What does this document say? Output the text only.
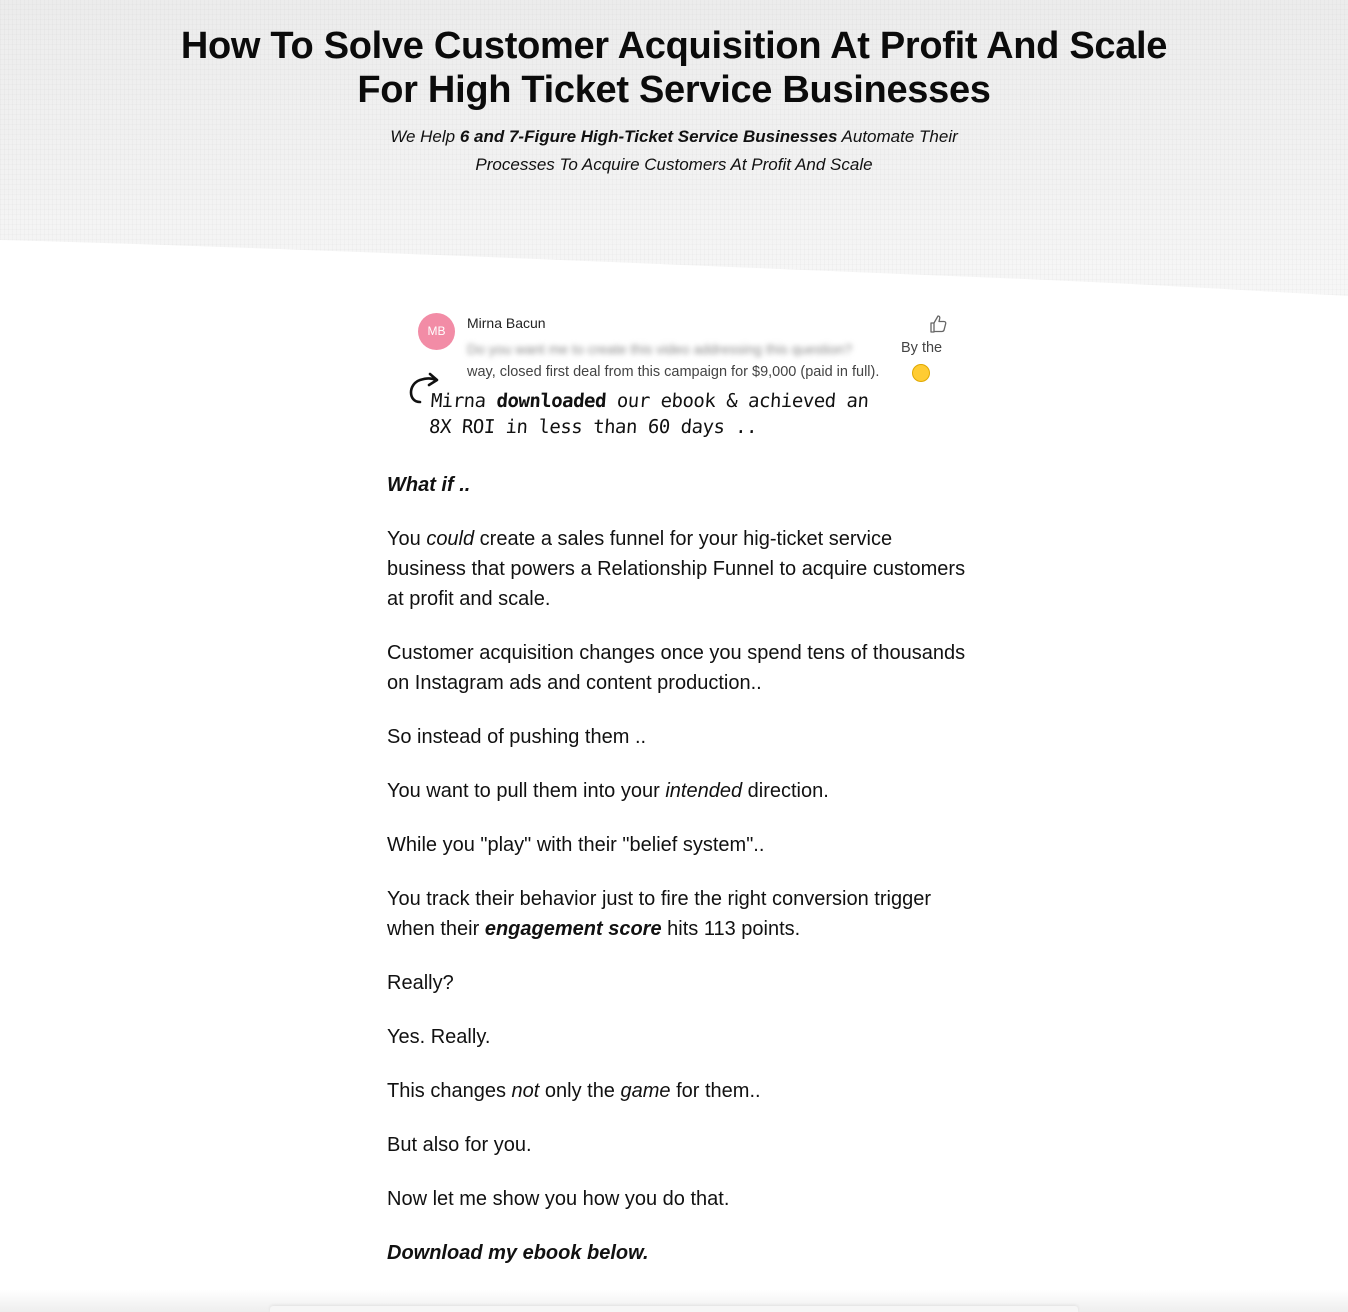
How To Solve Customer Acquisition At Profit And Scale For High Ticket Service Businesses
We Help 6 and 7-Figure High-Ticket Service Businesses Automate Their Processes To Acquire Customers At Profit And Scale
MB	Mirna Bacun
Do you want me to create this video addressing this question?	By the
way, closed first deal from this campaign for $9,000 (paid in full).
Mirna downloaded our ebook & achieved an 8X ROI in less than 60 days ..

What if ..

You could create a sales funnel for your hig-ticket service business that powers a Relationship Funnel to acquire customers at profit and scale.

Customer acquisition changes once you spend tens of thousands on Instagram ads and content production..

So instead of pushing them ..

You want to pull them into your intended direction.

While you "play" with their "belief system"..

You track their behavior just to fire the right conversion trigger when their engagement score hits 113 points.

Really?

Yes. Really.

This changes not only the game for them..

But also for you.

Now let me show you how you do that.

Download my ebook below.
